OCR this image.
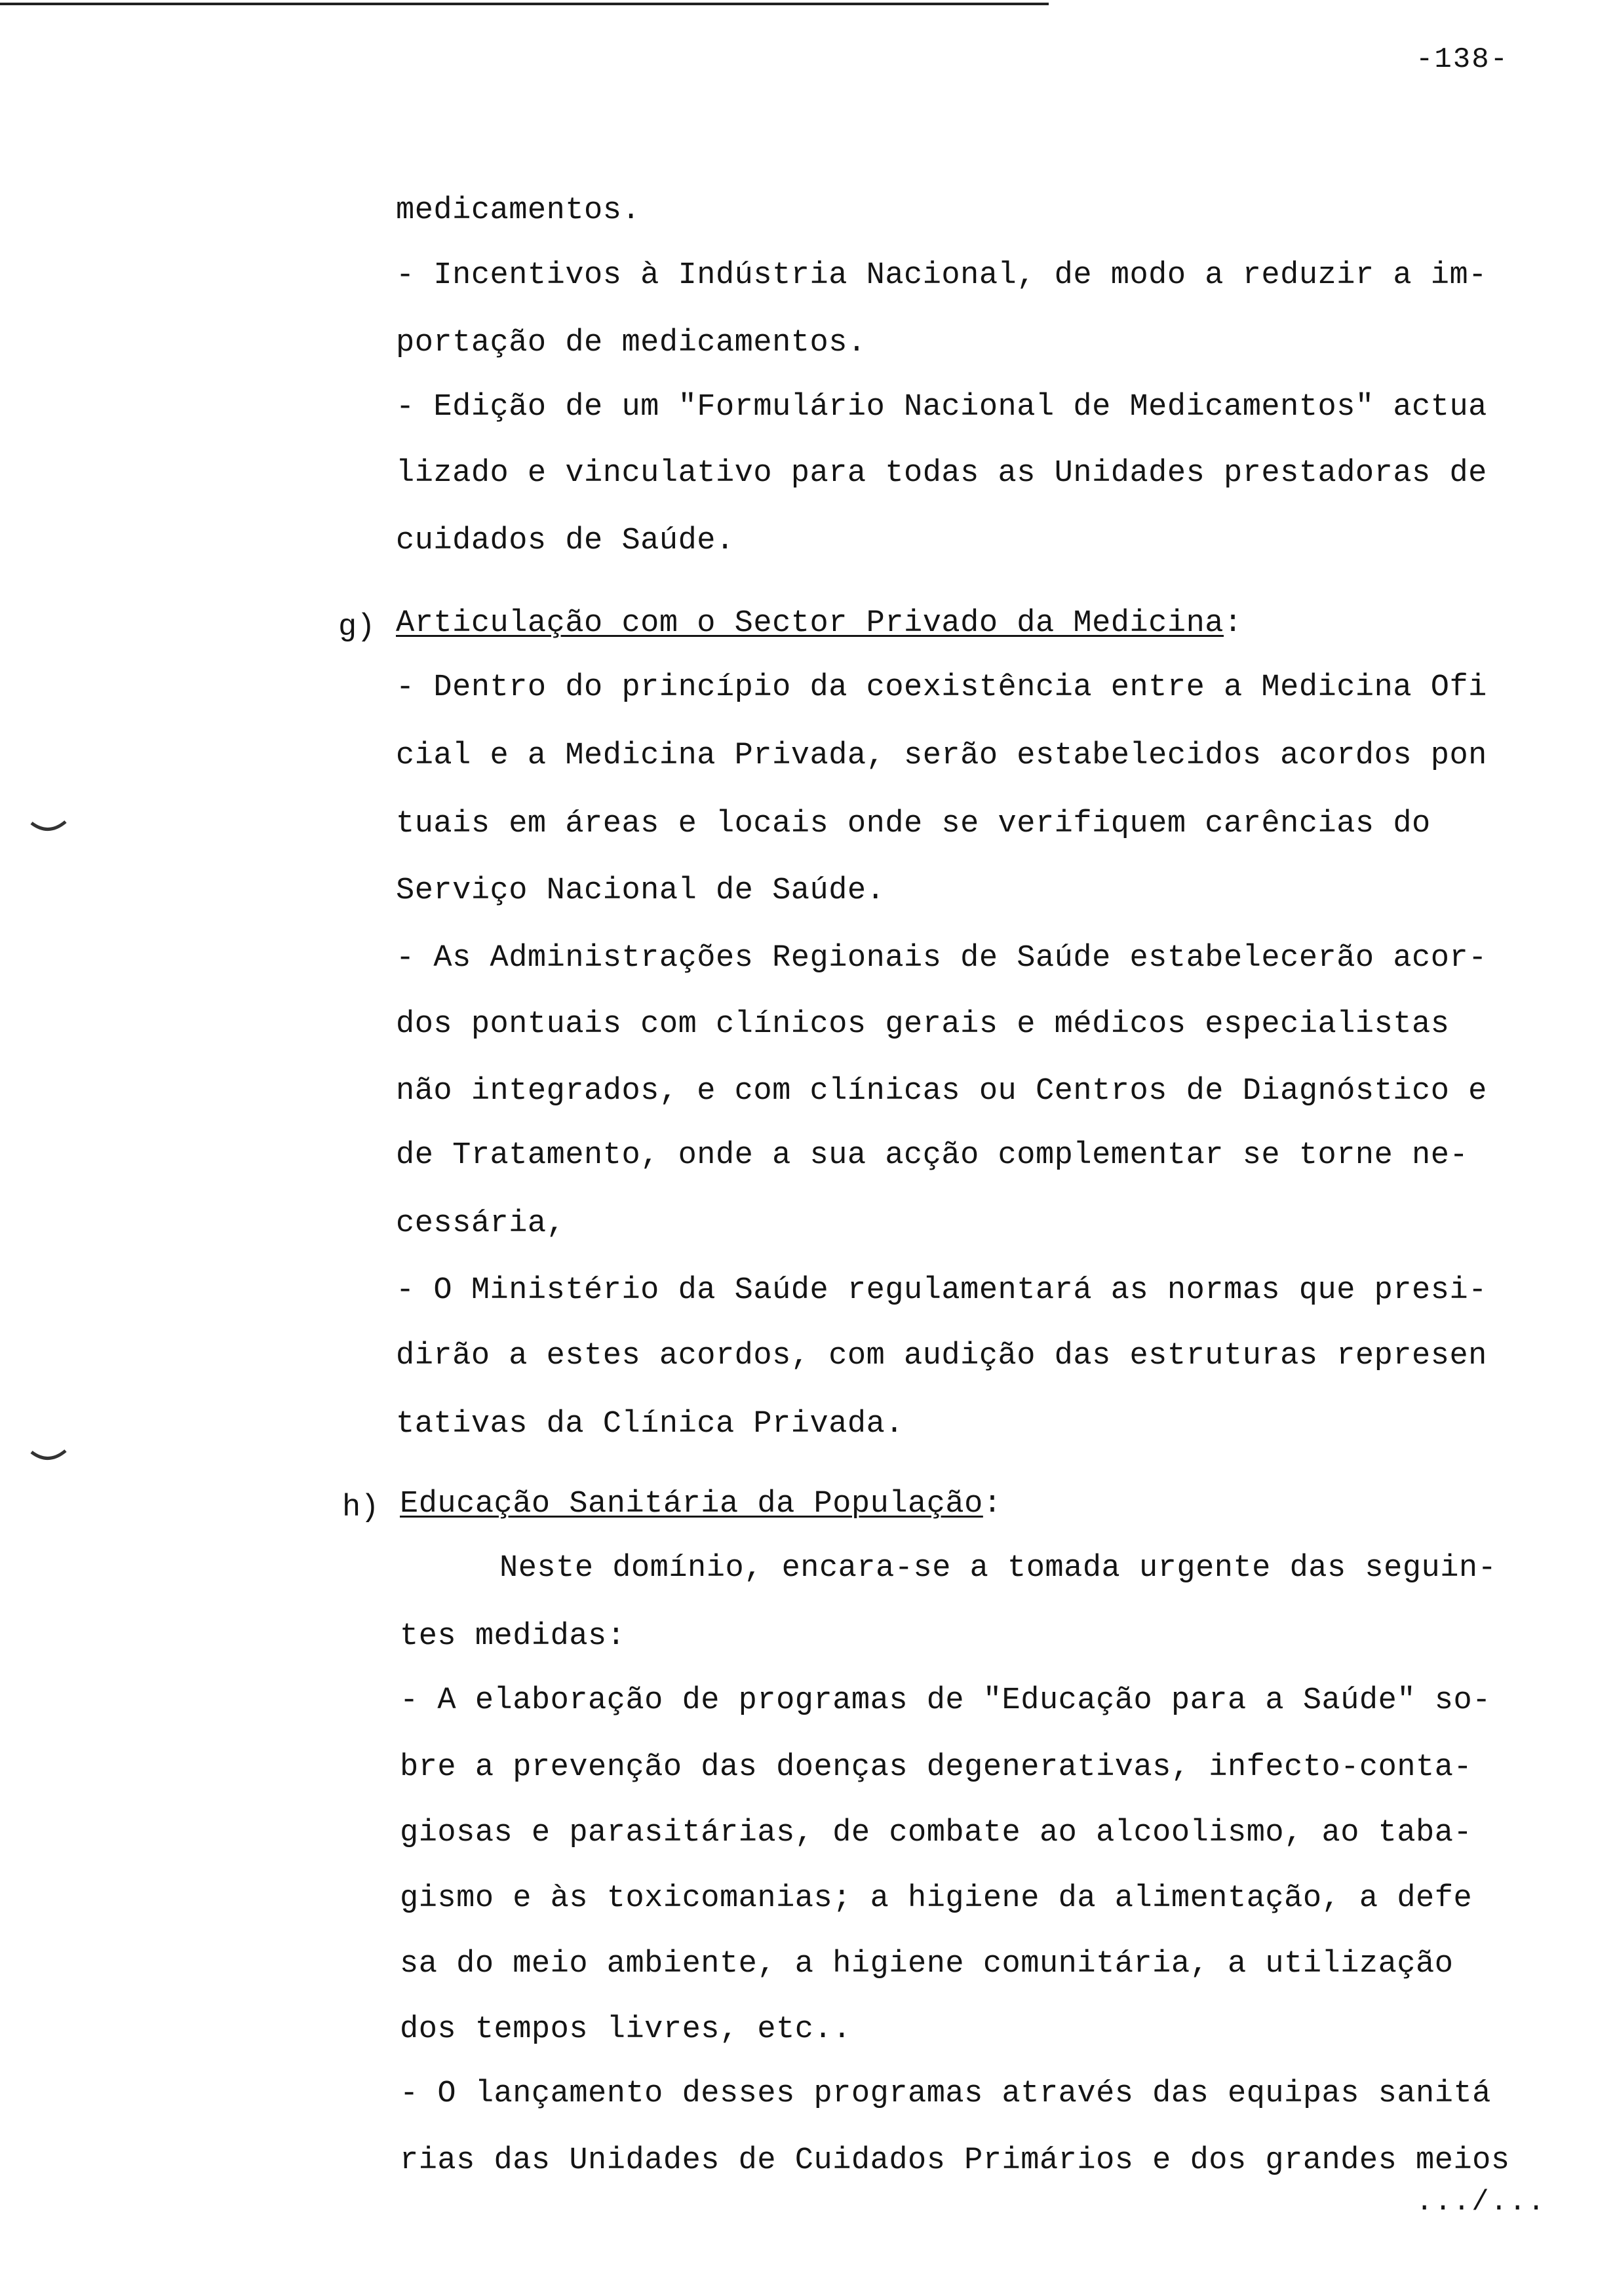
-138-
medicamentos.
- Incentivos à Indústria Nacional, de modo a reduzir a im-
portação de medicamentos.
- Edição de um "Formulário Nacional de Medicamentos" actua
lizado e vinculativo para todas as Unidades prestadoras de
cuidados de Saúde.
g) Articulação com o Sector Privado da Medicina:
- Dentro do princípio da coexistência entre a Medicina Ofi
cial e a Medicina Privada, serão estabelecidos acordos pon
tuais em áreas e locais onde se verifiquem carências do
Serviço Nacional de Saúde.
- As Administrações Regionais de Saúde estabelecerão acor-
dos pontuais com clínicos gerais e médicos especialistas
não integrados, e com clínicas ou Centros de Diagnóstico e
de Tratamento, onde a sua acção complementar se torne ne-
cessária,
- O Ministério da Saúde regulamentará as normas que presi-
dirão a estes acordos, com audição das estruturas represen
tativas da Clínica Privada.
h) Educação Sanitária da População:
Neste domínio, encara-se a tomada urgente das seguin-
tes medidas:
- A elaboração de programas de "Educação para a Saúde" so-
bre a prevenção das doenças degenerativas, infecto-conta-
giosas e parasitárias, de combate ao alcoolismo, ao taba-
gismo e às toxicomanias; a higiene da alimentação, a defe
sa do meio ambiente, a higiene comunitária, a utilização
dos tempos livres, etc..
- O lançamento desses programas através das equipas sanitá
rias das Unidades de Cuidados Primários e dos grandes meios
.../...
